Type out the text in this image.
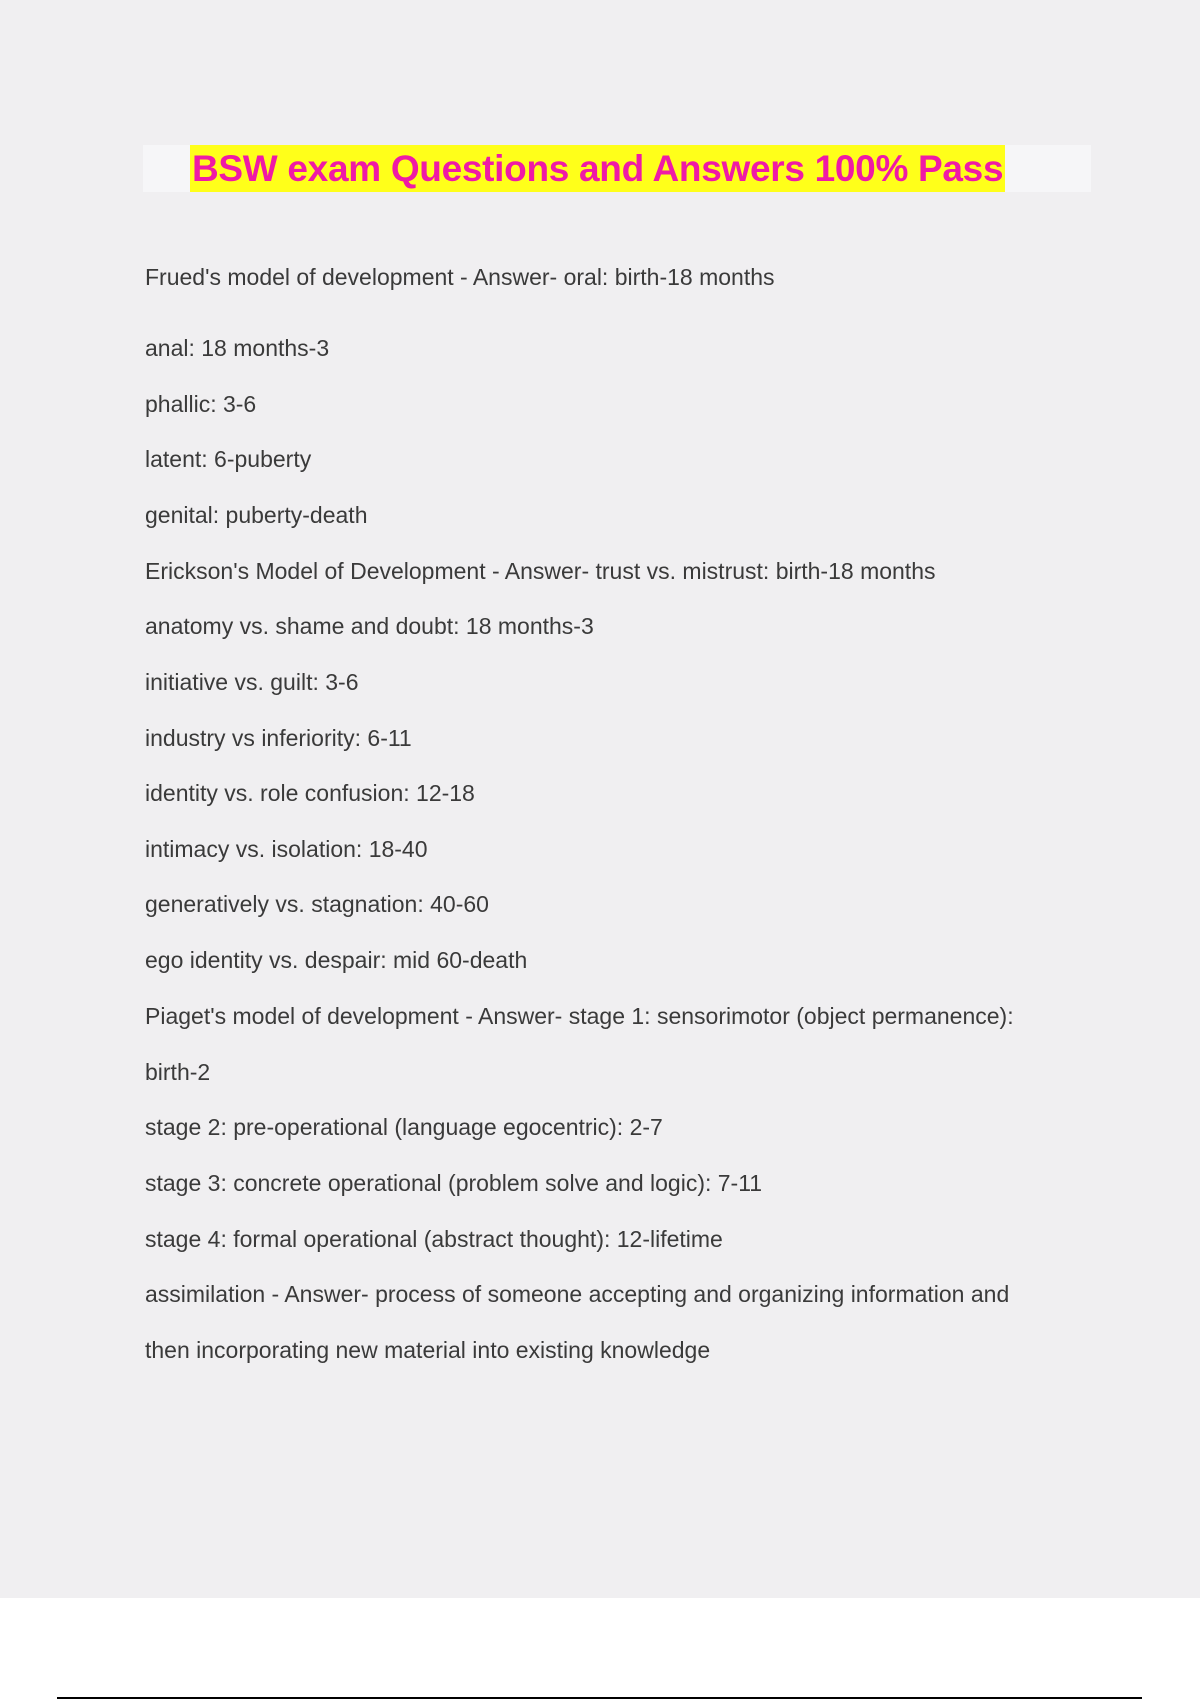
BSW exam Questions and Answers 100% Pass
Frued's model of development - Answer- oral: birth-18 months
anal: 18 months-3
phallic: 3-6
latent: 6-puberty
genital: puberty-death
Erickson's Model of Development - Answer- trust vs. mistrust: birth-18 months
anatomy vs. shame and doubt: 18 months-3
initiative vs. guilt: 3-6
industry vs inferiority: 6-11
identity vs. role confusion: 12-18
intimacy vs. isolation: 18-40
generatively vs. stagnation: 40-60
ego identity vs. despair: mid 60-death
Piaget's model of development - Answer- stage 1: sensorimotor (object permanence):
birth-2
stage 2: pre-operational (language egocentric): 2-7
stage 3: concrete operational (problem solve and logic): 7-11
stage 4: formal operational (abstract thought): 12-lifetime
assimilation - Answer- process of someone accepting and organizing information and
then incorporating new material into existing knowledge
